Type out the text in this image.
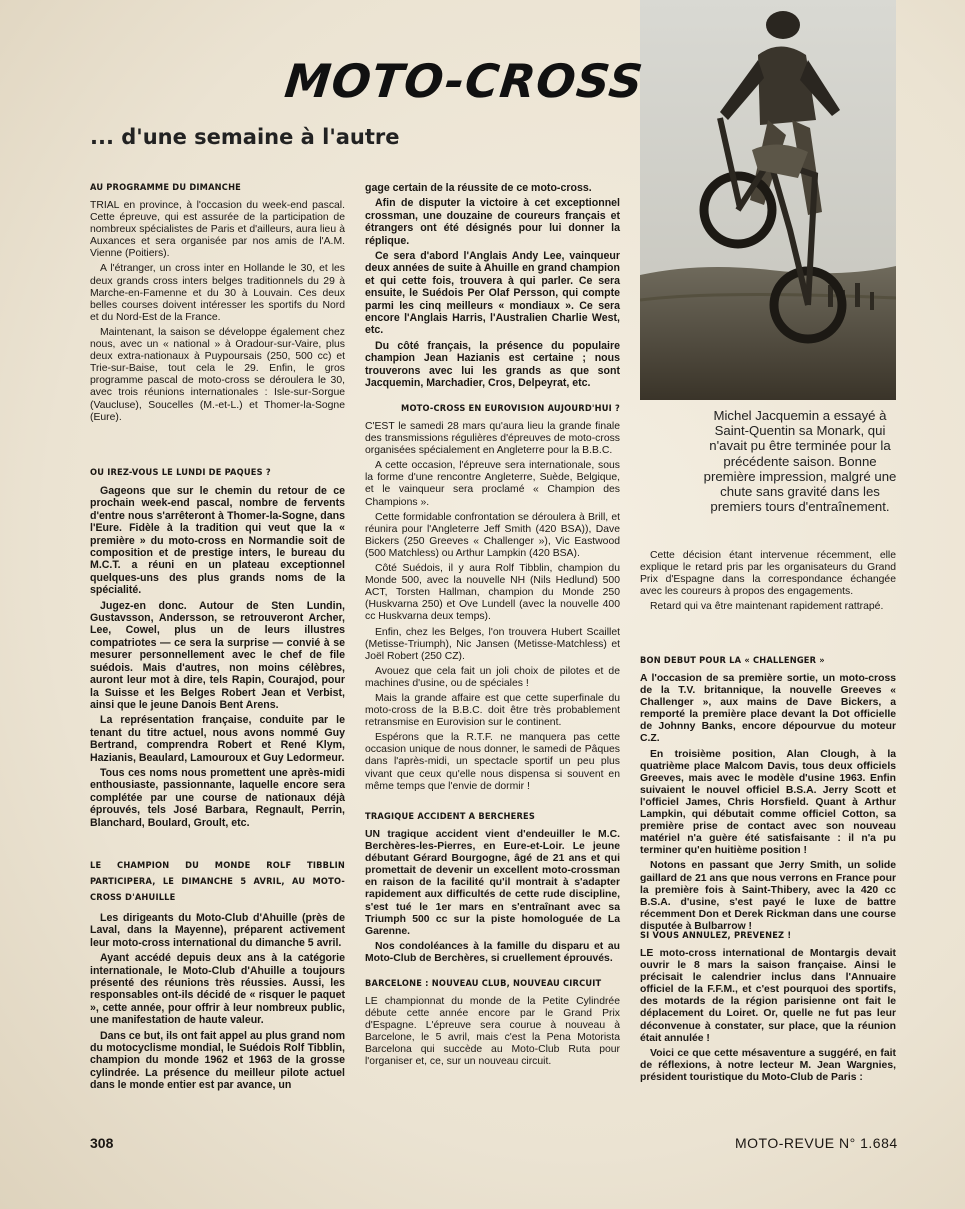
MOTO-CROSS
... d'une semaine à l'autre
AU PROGRAMME DU DIMANCHE

TRIAL en province, à l'occasion du week-end pascal. Cette épreuve, qui est assurée de la participation de nombreux spécialistes de Paris et d'ailleurs, aura lieu à Auxances et sera organisée par nos amis de l'A.M. Vienne (Poitiers).

A l'étranger, un cross inter en Hollande le 30, et les deux grands cross inters belges traditionnels du 29 à Marche-en-Famenne et du 30 à Louvain. Ces deux belles courses doivent intéresser les sportifs du Nord et du Nord-Est de la France.

Maintenant, la saison se développe également chez nous, avec un « national » à Oradour-sur-Vaire, plus deux extra-nationaux à Puypoursais (250, 500 cc) et Trie-sur-Baise, tout cela le 29. Enfin, le gros programme pascal de moto-cross se déroulera le 30, avec trois réunions internationales : Isle-sur-Sorgue (Vaucluse), Soucelles (M.-et-L.) et Thomer-la-Sogne (Eure).

OU IREZ-VOUS LE LUNDI DE PAQUES ?

Gageons que sur le chemin du retour de ce prochain week-end pascal, nombre de fervents d'entre nous s'arrêteront à Thomer-la-Sogne, dans l'Eure. Fidèle à la tradition qui veut que la « première » du moto-cross en Normandie soit de composition et de prestige inters, le bureau du M.C.T. a réuni en un plateau exceptionnel quelques-uns des plus grands noms de la spécialité.

Jugez-en donc. Autour de Sten Lundin, Gustavsson, Andersson, se retrouveront Archer, Lee, Cowel, plus un de leurs illustres compatriotes — ce sera la surprise — convié à se mesurer personnellement avec le chef de file suédois. Mais d'autres, non moins célèbres, auront leur mot à dire, tels Rapin, Courajod, pour la Suisse et les Belges Robert Jean et Verbist, ainsi que le jeune Danois Bent Arens.

La représentation française, conduite par le tenant du titre actuel, nous avons nommé Guy Bertrand, comprendra Robert et René Klym, Hazianis, Beaulard, Lamouroux et Guy Ledormeur.

Tous ces noms nous promettent une après-midi enthousiaste, passionnante, laquelle encore sera complétée par une course de nationaux déjà éprouvés, tels José Barbara, Regnault, Perrin, Blanchard, Boulard, Groult, etc.

LE CHAMPION DU MONDE ROLF TIBBLIN PARTICIPERA, LE DIMANCHE 5 AVRIL, AU MOTO-CROSS D'AHUILLE

Les dirigeants du Moto-Club d'Ahuille (près de Laval, dans la Mayenne), préparent activement leur moto-cross international du dimanche 5 avril.

Ayant accédé depuis deux ans à la catégorie internationale, le Moto-Club d'Ahuille a toujours présenté des réunions très réussies. Aussi, les responsables ont-ils décidé de « risquer le paquet », cette année, pour offrir à leur nombreux public, une manifestation de haute valeur.

Dans ce but, ils ont fait appel au plus grand nom du motocyclisme mondial, le Suédois Rolf Tibblin, champion du monde 1962 et 1963 de la grosse cylindrée. La présence du meilleur pilote actuel dans le monde entier est par avance, un

gage certain de la réussite de ce moto-cross.

Afin de disputer la victoire à cet exceptionnel crossman, une douzaine de coureurs français et étrangers ont été désignés pour lui donner la réplique.

Ce sera d'abord l'Anglais Andy Lee, vainqueur deux années de suite à Ahuille en grand champion et qui cette fois, trouvera à qui parler. Ce sera ensuite, le Suédois Per Olaf Persson, qui compte parmi les cinq meilleurs « mondiaux ». Ce sera encore l'Anglais Harris, l'Australien Charlie West, etc.

Du côté français, la présence du populaire champion Jean Hazianis est certaine ; nous trouverons avec lui les grands as que sont Jacquemin, Marchadier, Cros, Delpeyrat, etc.

MOTO-CROSS EN EUROVISION AUJOURD'HUI ?

C'EST le samedi 28 mars qu'aura lieu la grande finale des transmissions régulières d'épreuves de moto-cross organisées spécialement en Angleterre pour la B.B.C.

A cette occasion, l'épreuve sera internationale, sous la forme d'une rencontre Angleterre, Suède, Belgique, et le vainqueur sera proclamé « Champion des Champions ».

Cette formidable confrontation se déroulera à Brill, et réunira pour l'Angleterre Jeff Smith (420 BSA)), Dave Bickers (250 Greeves « Challenger »), Vic Eastwood (500 Matchless) ou Arthur Lampkin (420 BSA).

Côté Suédois, il y aura Rolf Tibblin, champion du Monde 500, avec la nouvelle NH (Nils Hedlund) 500 ACT, Torsten Hallman, champion du Monde 250 (Huskvarna 250) et Ove Lundell (avec la nouvelle 400 cc Huskvarna deux temps).

Enfin, chez les Belges, l'on trouvera Hubert Scaillet (Metisse-Triumph), Nic Jansen (Metisse-Matchless) et Joël Robert (250 CZ).

Avouez que cela fait un joli choix de pilotes et de machines d'usine, ou de spéciales !

Mais la grande affaire est que cette superfinale du moto-cross de la B.B.C. doit être très probablement retransmise en Eurovision sur le continent.

Espérons que la R.T.F. ne manquera pas cette occasion unique de nous donner, le samedi de Pâques dans l'après-midi, un spectacle sportif un peu plus vivant que ceux qu'elle nous dispensa si souvent en même temps que l'envie de dormir !

TRAGIQUE ACCIDENT A BERCHERES

UN tragique accident vient d'endeuiller le M.C. Berchères-les-Pierres, en Eure-et-Loir. Le jeune débutant Gérard Bourgogne, âgé de 21 ans et qui promettait de devenir un excellent moto-crossman en raison de la facilité qu'il montrait à s'adapter rapidement aux difficultés de cette rude discipline, s'est tué le 1er mars en s'entraînant avec sa Triumph 500 cc sur la piste homologuée de La Garenne.

Nos condoléances à la famille du disparu et au Moto-Club de Berchères, si cruellement éprouvés.

BARCELONE : NOUVEAU CLUB, NOUVEAU CIRCUIT

LE championnat du monde de la Petite Cylindrée débute cette année encore par le Grand Prix d'Espagne. L'épreuve sera courue à nouveau à Barcelone, le 5 avril, mais c'est la Pena Motorista Barcelona qui succède au Moto-Club Ruta pour l'organiser et, ce, sur un nouveau circuit.

Michel Jacquemin a essayé à Saint-Quentin sa Monark, qui n'avait pu être terminée pour la précédente saison. Bonne première impression, malgré une chute sans gravité dans les premiers tours d'entraînement.

Cette décision étant intervenue récemment, elle explique le retard pris par les organisateurs du Grand Prix d'Espagne dans la correspondance échangée avec les coureurs à propos des engagements.

Retard qui va être maintenant rapidement rattrapé.

BON DEBUT POUR LA « CHALLENGER »

A l'occasion de sa première sortie, un moto-cross de la T.V. britannique, la nouvelle Greeves « Challenger », aux mains de Dave Bickers, a remporté la première place devant la Dot officielle de Johnny Banks, encore dépourvue du moteur C.Z.

En troisième position, Alan Clough, à la quatrième place Malcom Davis, tous deux officiels Greeves, mais avec le modèle d'usine 1963. Enfin suivaient le nouvel officiel B.S.A. Jerry Scott et l'officiel James, Chris Horsfield. Quant à Arthur Lampkin, qui débutait comme officiel Cotton, sa première prise de contact avec son nouveau matériel n'a guère été satisfaisante : il n'a pu terminer qu'en huitième position !

Notons en passant que Jerry Smith, un solide gaillard de 21 ans que nous verrons en France pour la première fois à Saint-Thibery, avec la 420 cc B.S.A. d'usine, s'est payé le luxe de battre récemment Don et Derek Rickman dans une course disputée à Bulbarrow !

SI VOUS ANNULEZ, PREVENEZ !

LE moto-cross international de Montargis devait ouvrir le 8 mars la saison française. Ainsi le précisait le calendrier inclus dans l'Annuaire officiel de la F.F.M., et c'est pourquoi des sportifs, des motards de la région parisienne ont fait le déplacement du Loiret. Or, quelle ne fut pas leur déconvenue à constater, sur place, que la réunion était annulée !

Voici ce que cette mésaventure a suggéré, en fait de réflexions, à notre lecteur M. Jean Wargnies, président touristique du Moto-Club de Paris :

308	MOTO-REVUE N° 1.684
